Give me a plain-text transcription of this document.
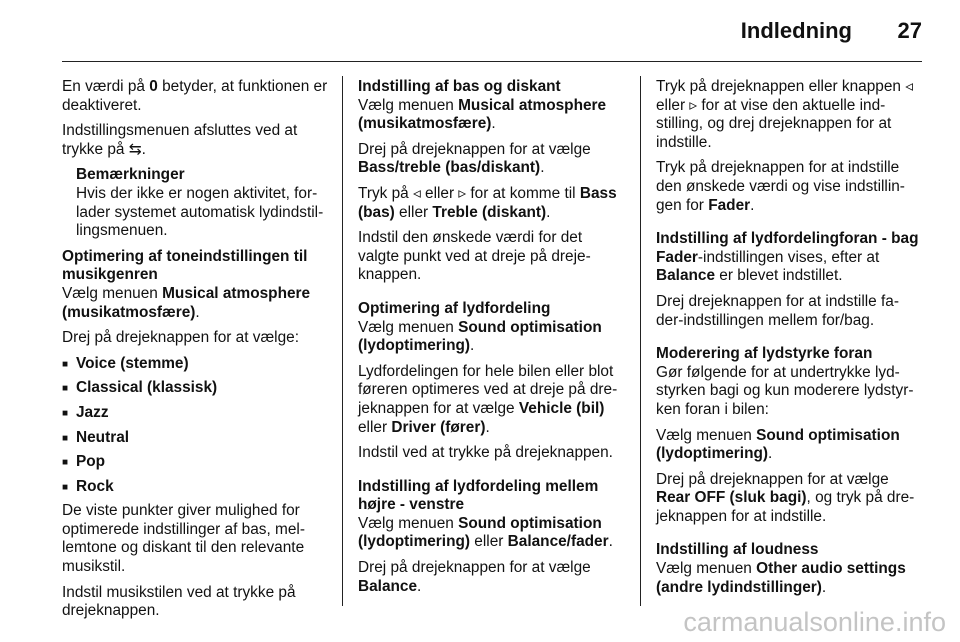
Indledning 27

En værdi på 0 betyder, at funktionen er deaktiveret.

Indstillingsmenuen afsluttes ved at trykke på ⇆.

Bemærkninger
Hvis der ikke er nogen aktivitet, for-lader systemet automatisk lydindstil-lingsmenuen.
Optimering af toneindstillingen til musikgenren

Vælg menuen Musical atmosphere (musikatmosfære).

Drej på drejeknappen for at vælge:

■ Voice (stemme)
■ Classical (klassisk)
■ Jazz
■ Neutral
■ Pop
■ Rock

De viste punkter giver mulighed for optimerede indstillinger af bas, mel-lemtone og diskant til den relevante musikstil.

Indstil musikstilen ved at trykke på drejeknappen.

Indstilling af bas og diskant

Vælg menuen Musical atmosphere (musikatmosfære).

Drej på drejeknappen for at vælge Bass/treble (bas/diskant).

Tryk på ◃ eller ▹ for at komme til Bass (bas) eller Treble (diskant).

Indstil den ønskede værdi for det valgte punkt ved at dreje på dreje-knappen.

Optimering af lydfordeling

Vælg menuen Sound optimisation (lydoptimering).

Lydfordelingen for hele bilen eller blot føreren optimeres ved at dreje på dre-jeknappen for at vælge Vehicle (bil) eller Driver (fører).

Indstil ved at trykke på drejeknappen.

Indstilling af lydfordeling mellem højre - venstre

Vælg menuen Sound optimisation (lydoptimering) eller Balance/fader.

Drej på drejeknappen for at vælge Balance.

Tryk på drejeknappen eller knappen ◃ eller ▹ for at vise den aktuelle ind-stilling, og drej drejeknappen for at indstille.

Tryk på drejeknappen for at indstille den ønskede værdi og vise indstillin-gen for Fader.

Indstilling af lydfordelingforan - bag

Fader-indstillingen vises, efter at Balance er blevet indstillet.

Drej drejeknappen for at indstille fa-der-indstillingen mellem for/bag.

Moderering af lydstyrke foran

Gør følgende for at undertrykke lyd-styrken bagi og kun moderere lydstyr-ken foran i bilen:

Vælg menuen Sound optimisation (lydoptimering).

Drej på drejeknappen for at vælge Rear OFF (sluk bagi), og tryk på dre-jeknappen for at indstille.

Indstilling af loudness

Vælg menuen Other audio settings (andre lydindstillinger).

carmanualsonline.info
